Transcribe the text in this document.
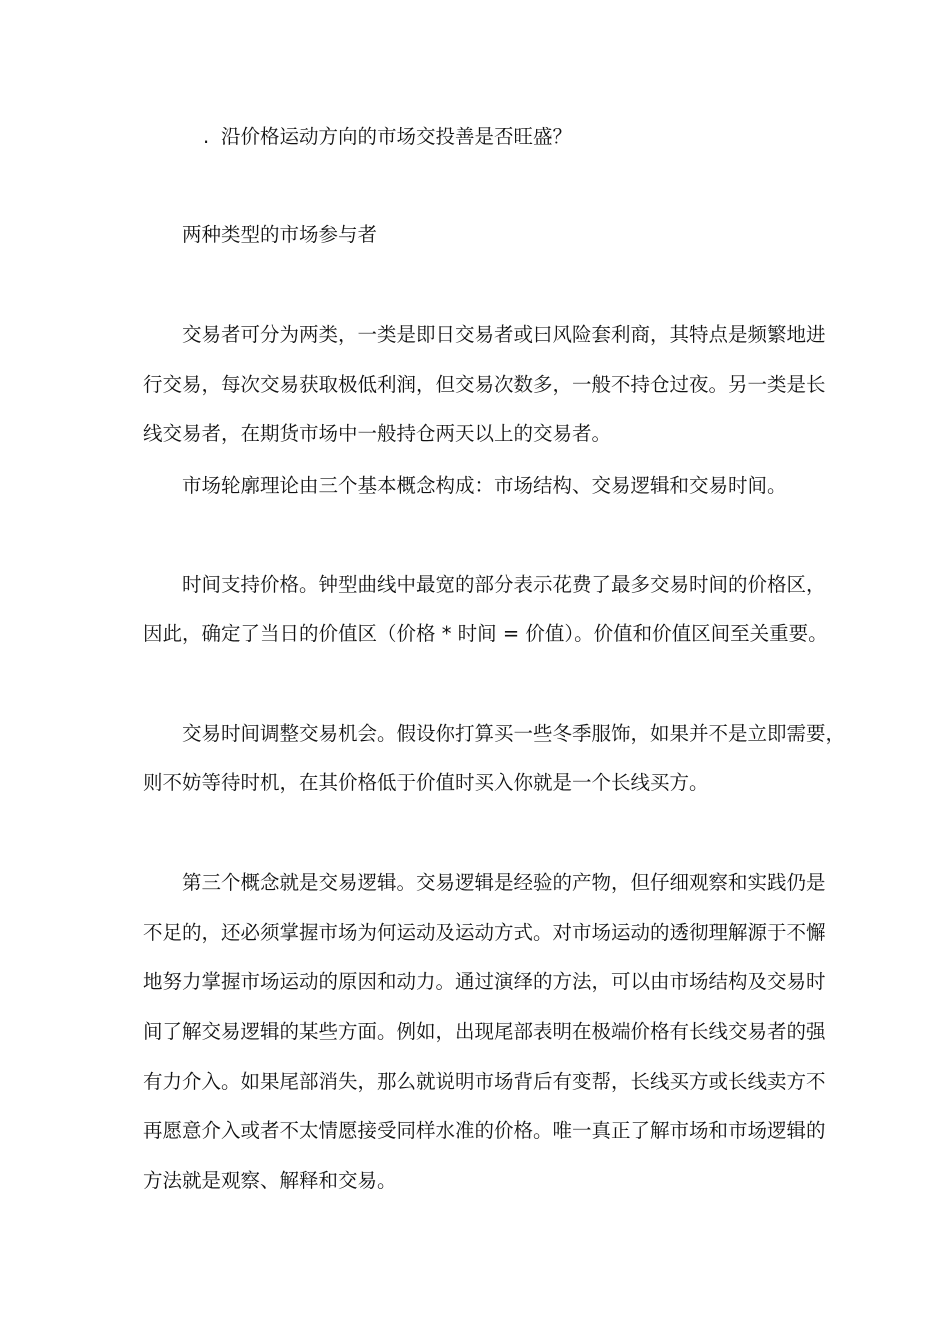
. 沿价格运动方向的市场交投善是否旺盛？
两种类型的市场参与者
交易者可分为两类，一类是即日交易者或曰风险套利商，其特点是频繁地进
行交易，每次交易获取极低利润，但交易次数多，一般不持仓过夜。另一类是长
线交易者，在期货市场中一般持仓两天以上的交易者。
市场轮廓理论由三个基本概念构成：市场结构、交易逻辑和交易时间。
时间支持价格。钟型曲线中最宽的部分表示花费了最多交易时间的价格区，
因此，确定了当日的价值区（价格 * 时间 = 价值）。价值和价值区间至关重要。
交易时间调整交易机会。假设你打算买一些冬季服饰，如果并不是立即需要，
则不妨等待时机，在其价格低于价值时买入你就是一个长线买方。
第三个概念就是交易逻辑。交易逻辑是经验的产物，但仔细观察和实践仍是
不足的，还必须掌握市场为何运动及运动方式。对市场运动的透彻理解源于不懈
地努力掌握市场运动的原因和动力。通过演绎的方法，可以由市场结构及交易时
间了解交易逻辑的某些方面。例如，出现尾部表明在极端价格有长线交易者的强
有力介入。如果尾部消失，那么就说明市场背后有变帮，长线买方或长线卖方不
再愿意介入或者不太情愿接受同样水准的价格。唯一真正了解市场和市场逻辑的
方法就是观察、解释和交易。
